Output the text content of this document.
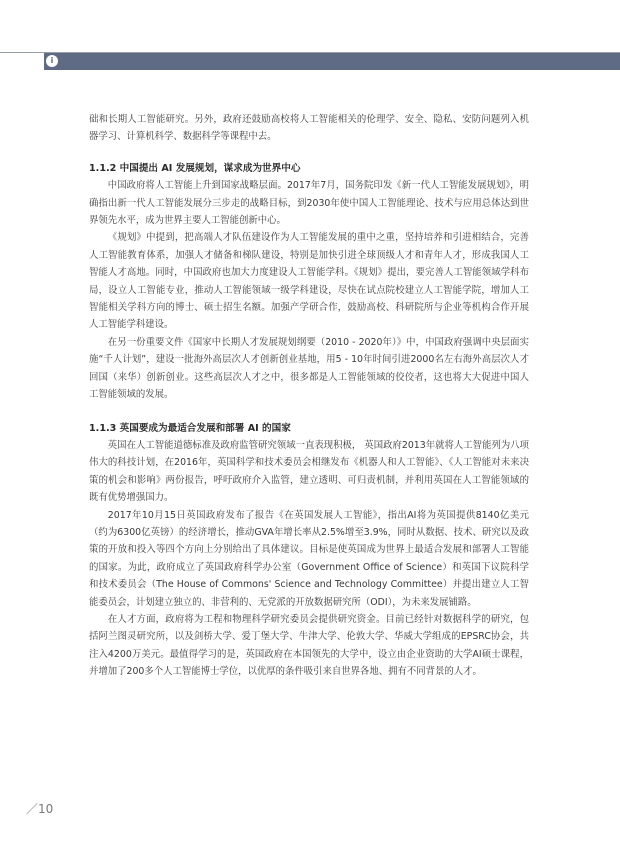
i

础和长期人工智能研究。另外，政府还鼓励高校将人工智能相关的伦理学、安全、隐私、安防问题列入机器学习、计算机科学、数据科学等课程中去。

1.1.2 中国提出 AI 发展规划，谋求成为世界中心

中国政府将人工智能上升到国家战略层面。2017年7月，国务院印发《新一代人工智能发展规划》，明确指出新一代人工智能发展分三步走的战略目标，到2030年使中国人工智能理论、技术与应用总体达到世界领先水平，成为世界主要人工智能创新中心。

《规划》中提到，把高端人才队伍建设作为人工智能发展的重中之重，坚持培养和引进相结合，完善人工智能教育体系，加强人才储备和梯队建设，特别是加快引进全球顶级人才和青年人才，形成我国人工智能人才高地。同时，中国政府也加大力度建设人工智能学科。《规划》提出，要完善人工智能领域学科布局，设立人工智能专业，推动人工智能领域一级学科建设，尽快在试点院校建立人工智能学院，增加人工智能相关学科方向的博士、硕士招生名额。加强产学研合作，鼓励高校、科研院所与企业等机构合作开展人工智能学科建设。

在另一份重要文件《国家中长期人才发展规划纲要（2010 - 2020年）》中，中国政府强调中央层面实施“千人计划”，建设一批海外高层次人才创新创业基地，用5 - 10年时间引进2000名左右海外高层次人才回国（来华）创新创业。这些高层次人才之中，很多都是人工智能领域的佼佼者，这也将大大促进中国人工智能领域的发展。

1.1.3 英国要成为最适合发展和部署 AI 的国家

英国在人工智能道德标准及政府监管研究领域一直表现积极， 英国政府2013年就将人工智能列为八项伟大的科技计划，在2016年，英国科学和技术委员会相继发布《机器人和人工智能》、《人工智能对未来决策的机会和影响》两份报告，呼吁政府介入监管，建立透明、可归责机制，并利用英国在人工智能领域的既有优势增强国力。

2017年10月15日英国政府发布了报告《在英国发展人工智能》，指出AI将为英国提供8140亿美元（约为6300亿英镑）的经济增长，推动GVA年增长率从2.5%增至3.9%，同时从数据、技术、研究以及政策的开放和投入等四个方向上分别给出了具体建议。目标是使英国成为世界上最适合发展和部署人工智能的国家。为此，政府成立了英国政府科学办公室（Government Office of Science）和英国下议院科学和技术委员会（The House of Commons' Science and Technology Committee）并提出建立人工智能委员会，计划建立独立的、非营利的、无党派的开放数据研究所（ODI），为未来发展铺路。

在人才方面，政府将为工程和物理科学研究委员会提供研究资金。目前已经针对数据科学的研究，包括阿兰图灵研究所，以及剑桥大学、爱丁堡大学、牛津大学、伦敦大学、华威大学组成的EPSRC协会，共注入4200万美元。最值得学习的是，英国政府在本国领先的大学中，设立由企业资助的大学AI硕士课程，并增加了200多个人工智能博士学位，以优厚的条件吸引来自世界各地、拥有不同背景的人才。

／10
